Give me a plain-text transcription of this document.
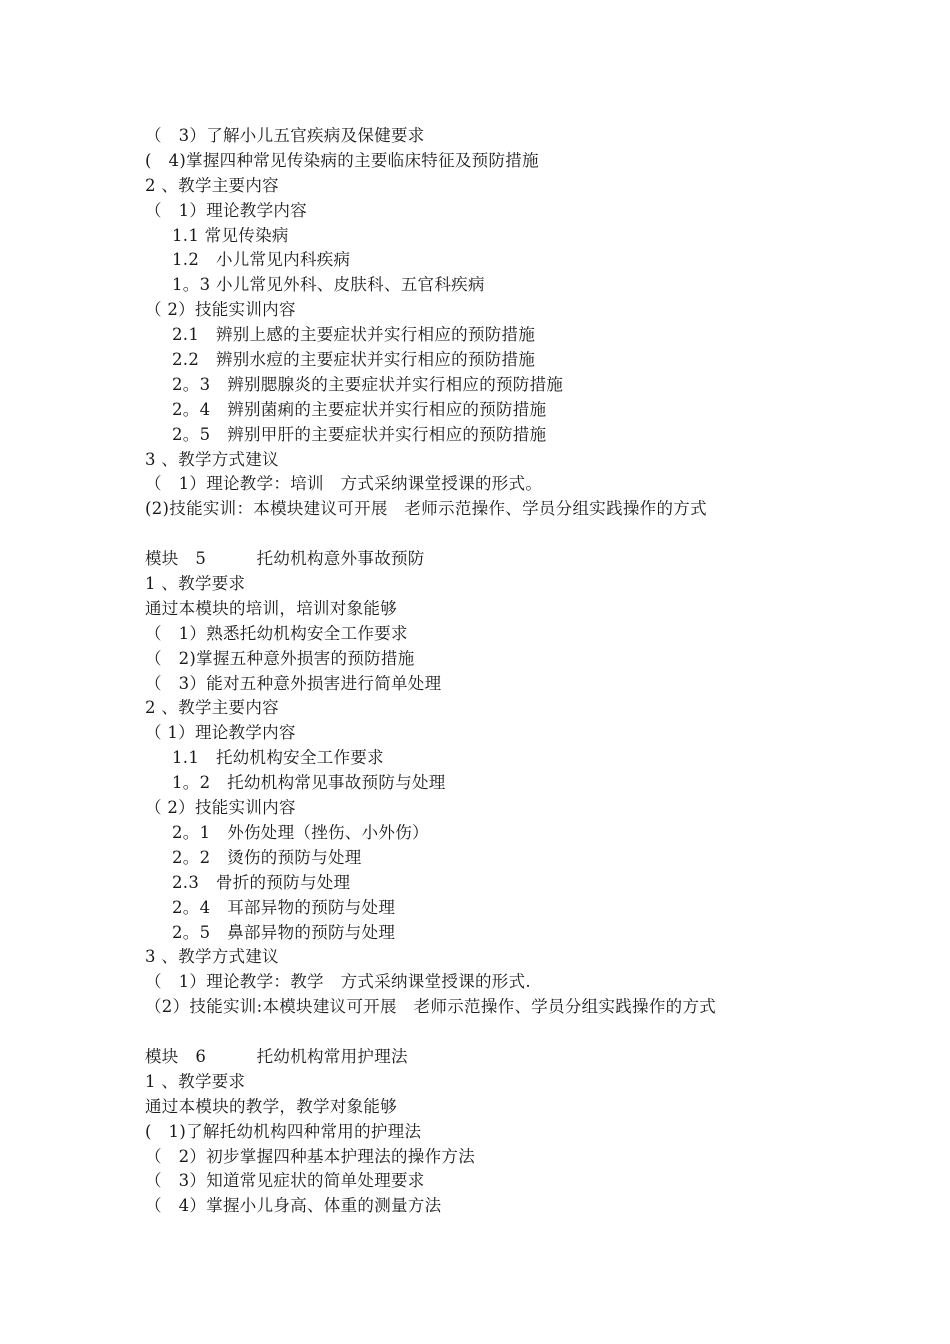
（　3）了解小儿五官疾病及保健要求
(　4)掌握四种常见传染病的主要临床特征及预防措施
2 、教学主要内容
（　1）理论教学内容
1.1 常见传染病
1.2　小儿常见内科疾病
1。3 小儿常见外科、皮肤科、五官科疾病
（ 2）技能实训内容
2.1　辨别上感的主要症状并实行相应的预防措施
2.2　辨别水痘的主要症状并实行相应的预防措施
2。3　辨别腮腺炎的主要症状并实行相应的预防措施
2。4　辨别菌痢的主要症状并实行相应的预防措施
2。5　辨别甲肝的主要症状并实行相应的预防措施
3 、教学方式建议
（　1）理论教学：培训　方式采纳课堂授课的形式。
(2)技能实训：本模块建议可开展　老师示范操作、学员分组实践操作的方式
模块　5　　　托幼机构意外事故预防
1 、教学要求
通过本模块的培训，培训对象能够
（　1）熟悉托幼机构安全工作要求
（　2)掌握五种意外损害的预防措施
（　3）能对五种意外损害进行简单处理
2 、教学主要内容
（ 1）理论教学内容
1.1　托幼机构安全工作要求
1。2　托幼机构常见事故预防与处理
（ 2）技能实训内容
2。1　外伤处理（挫伤、小外伤）
2。2　烫伤的预防与处理
2.3　骨折的预防与处理
2。4　耳部异物的预防与处理
2。5　鼻部异物的预防与处理
3 、教学方式建议
（　1）理论教学：教学　方式采纳课堂授课的形式.
（2）技能实训:本模块建议可开展　老师示范操作、学员分组实践操作的方式
模块　6　　　托幼机构常用护理法
1 、教学要求
通过本模块的教学，教学对象能够
(　1)了解托幼机构四种常用的护理法
（　2）初步掌握四种基本护理法的操作方法
（　3）知道常见症状的简单处理要求
（　4）掌握小儿身高、体重的测量方法
